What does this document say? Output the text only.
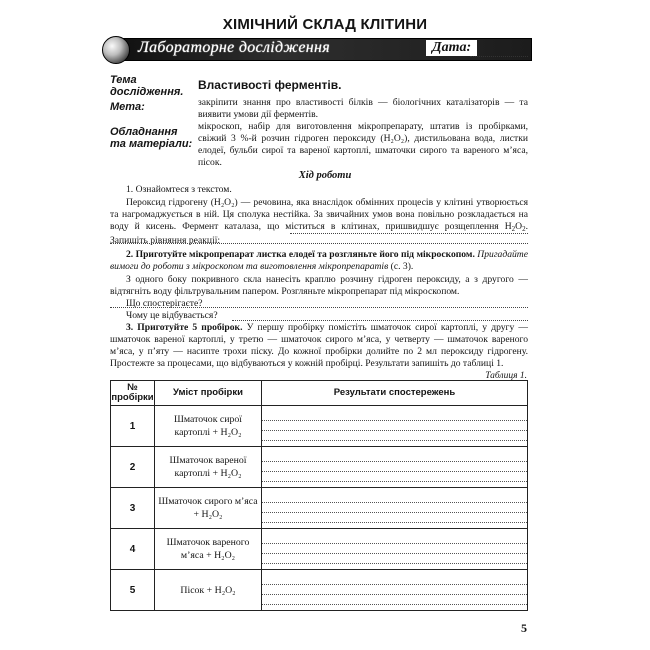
ХІМІЧНИЙ СКЛАД КЛІТИНИ
Лабораторне дослідження	Дата:
Тема дослідження.	Властивості ферментів.
Мета:	закріпити знання про властивості білків — біологічних каталізаторів — та виявити умови дії ферментів.
Обладнання та матеріали:
мікроскоп, набір для виготовлення мікропрепарату, штатив із пробірками, свіжий 3 %-й розчин гідроген пероксиду (H₂O₂), дистильована вода, листки елодеї, бульби сирої та вареної картоплі, шматочки сирого та вареного м’яса, пісок.
Хід роботи
1. Ознайомтеся з текстом.
Пероксид гідрогену (H₂O₂) — речовина, яка внаслідок обмінних процесів у клітині утворюється та нагромаджується в ній. Ця сполука нестійка. За звичайних умов вона повільно розкладається на воду й кисень. Фермент каталаза, що міститься в клітинах, пришвидшує розщеплення $H_2O_2$. Запишіть рівняння реакції:
2. Приготуйте мікропрепарат листка елодеї та розгляньте його під мікроскопом. Пригадайте вимоги до роботи з мікроскопом та виготовлення мікропрепаратів (с. 3).
З одного боку покривного скла нанесіть краплю розчину гідроген пероксиду, а з другого — відтягніть воду фільтрувальним папером. Розгляньте мікропрепарат під мікроскопом.
Що спостерігаєте?
Чому це відбувається?
3. Приготуйте 5 пробірок. У першу пробірку помістіть шматочок сирої картоплі, у другу — шматочок вареної картоплі, у третю — шматочок сирого м’яса, у четверту — шматочок вареного м’яса, у п’яту — насипте трохи піску. До кожної пробірки долийте по 2 мл пероксиду гідрогену. Простежте за процесами, що відбуваються у кожній пробірці. Результати запишіть до таблиці 1.
Таблиця 1.
№ пробірки	Уміст пробірки	Результати спостережень
1	Шматочок сирої картоплі + H₂O₂	

2	Шматочок вареної картоплі + H₂O₂	

3	Шматочок сирого м’яса + H₂O₂	

4	Шматочок вареного м’яса + H₂O₂	

5	Пісок + H₂O₂	
5
